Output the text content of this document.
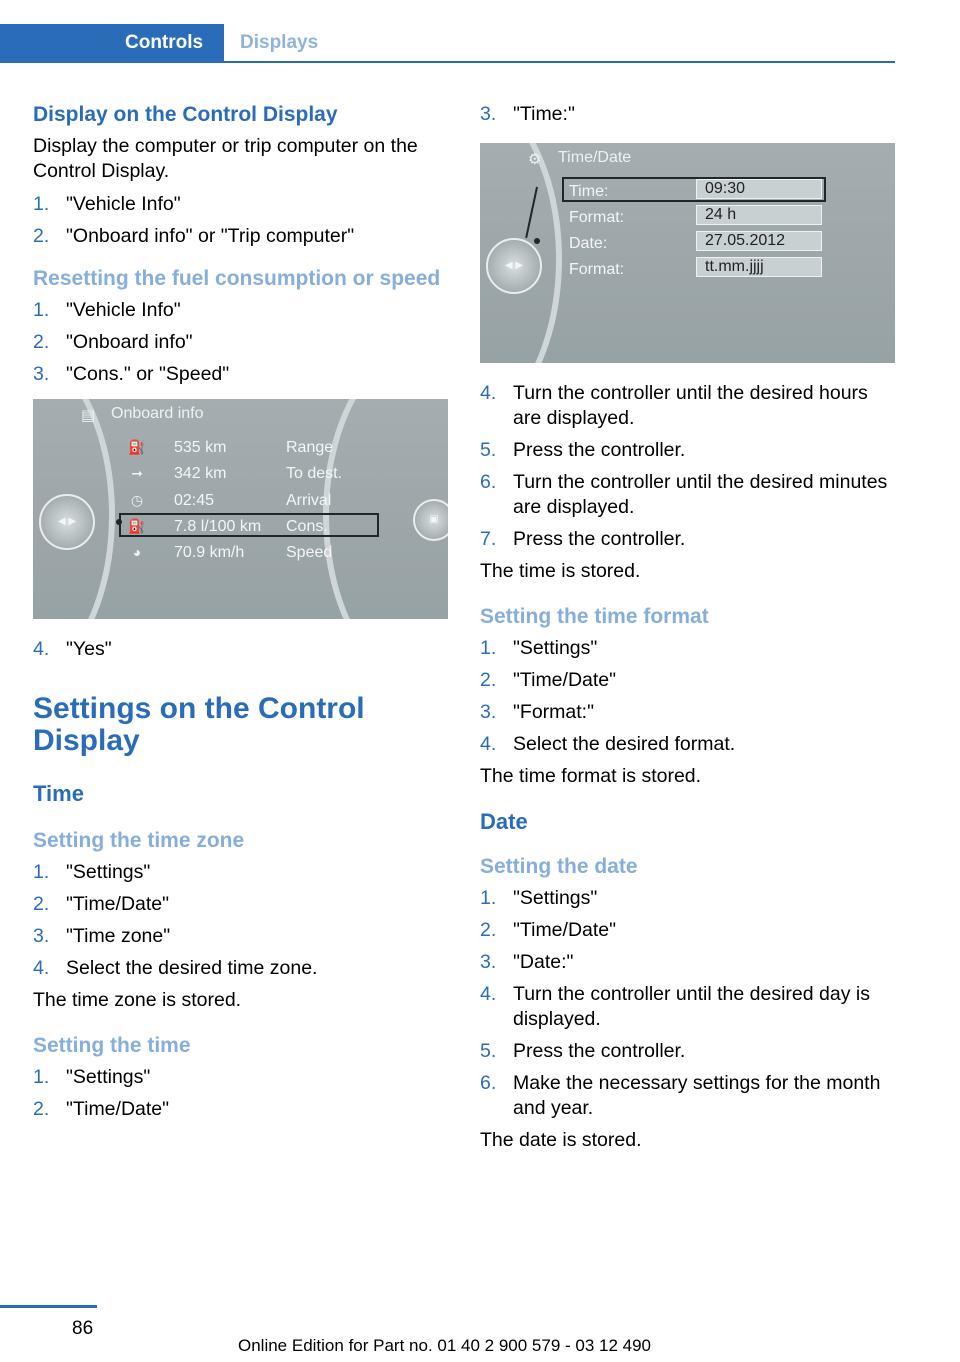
Controls	Displays
Display on the Control Display

Display the computer or trip computer on the Control Display.

1. "Vehicle Info"
2. "Onboard info" or "Trip computer"
Resetting the fuel consumption or speed
1. "Vehicle Info"
2. "Onboard info"
3. "Cons." or "Speed"
▤ Onboard info
◀ ▶	▣
⛽ 535 km	Range
➞	342 km	To dest.
◷	02:45	Arrival
⛽ 7.8 l/100 km Cons.
◕	70.9 km/h	Speed
4. "Yes"
Settings on the Control Display
Time
Setting the time zone
1. "Settings"
2. "Time/Date"
3. "Time zone"
4. Select the desired time zone.

The time zone is stored.

Setting the time
1. "Settings"
2. "Time/Date"
3. "Time:"
⚙	Time/Date
◀ ▶
Time:	09:30
Format:	24 h
Date:	27.05.2012
Format:	tt.mm.jjjj
4. Turn the controller until the desired hours are displayed.
5. Press the controller.
6. Turn the controller until the desired minutes are displayed.
7. Press the controller.

The time is stored.

Setting the time format
1. "Settings"
2. "Time/Date"
3. "Format:"
4. Select the desired format.

The time format is stored.

Date
Setting the date
1. "Settings"
2. "Time/Date"
3. "Date:"
4. Turn the controller until the desired day is displayed.
5. Press the controller.
6. Make the necessary settings for the month and year.

The date is stored.

86
Online Edition for Part no. 01 40 2 900 579 - 03 12 490
